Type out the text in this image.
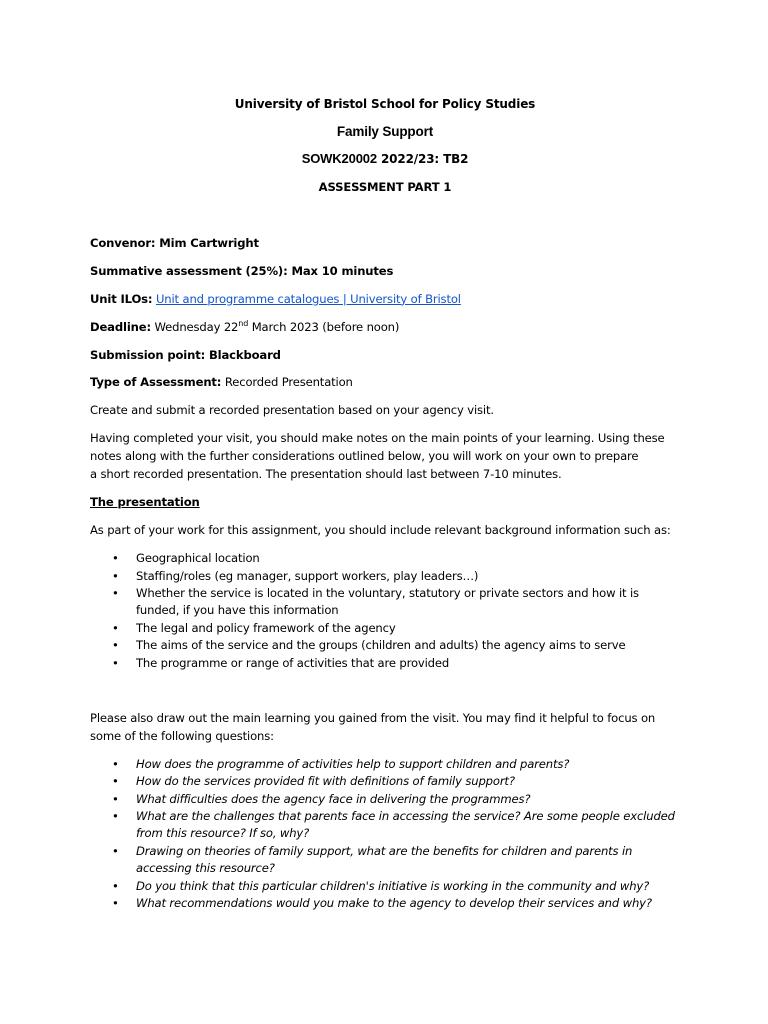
University of Bristol School for Policy Studies
Family Support
SOWK20002 2022/23: TB2
ASSESSMENT PART 1

Convenor: Mim Cartwright

Summative assessment (25%): Max 10 minutes

Unit ILOs: Unit and programme catalogues | University of Bristol

Deadline: Wednesday 22nd March 2023 (before noon)

Submission point: Blackboard

Type of Assessment: Recorded Presentation

Create and submit a recorded presentation based on your agency visit.

Having completed your visit, you should make notes on the main points of your learning. Using these
notes along with the further considerations outlined below, you will work on your own to prepare
a short recorded presentation. The presentation should last between 7-10 minutes.

The presentation

As part of your work for this assignment, you should include relevant background information such as:

• Geographical location
• Staffing/roles (eg manager, support workers, play leaders…)
• Whether the service is located in the voluntary, statutory or private sectors and how it is funded, if you have this information
• The legal and policy framework of the agency
• The aims of the service and the groups (children and adults) the agency aims to serve
• The programme or range of activities that are provided

Please also draw out the main learning you gained from the visit. You may find it helpful to focus on
some of the following questions:

• How does the programme of activities help to support children and parents?
• How do the services provided fit with definitions of family support?
• What difficulties does the agency face in delivering the programmes?
• What are the challenges that parents face in accessing the service? Are some people excluded from this resource? If so, why?
• Drawing on theories of family support, what are the benefits for children and parents in accessing this resource?
• Do you think that this particular children's initiative is working in the community and why?
• What recommendations would you make to the agency to develop their services and why?
